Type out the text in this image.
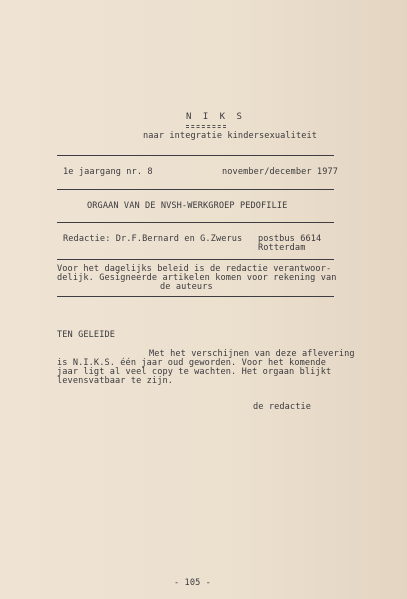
N I K S
naar integratie kindersexualiteit
1e jaargang nr. 8	november/december 1977
ORGAAN VAN DE NVSH-WERKGROEP PEDOFILIE
Redactie: Dr.F.Bernard en G.Zwerus postbus 6614
Rotterdam
Voor het dagelijks beleid is de redactie verantwoor-
delijk. Gesigneerde artikelen komen voor rekening van
de auteurs
TEN GELEIDE
Met het verschijnen van deze aflevering
is N.I.K.S. één jaar oud geworden. Voor het komende
jaar ligt al veel copy te wachten. Het orgaan blijkt
levensvatbaar te zijn.
de redactie
- 105 -
